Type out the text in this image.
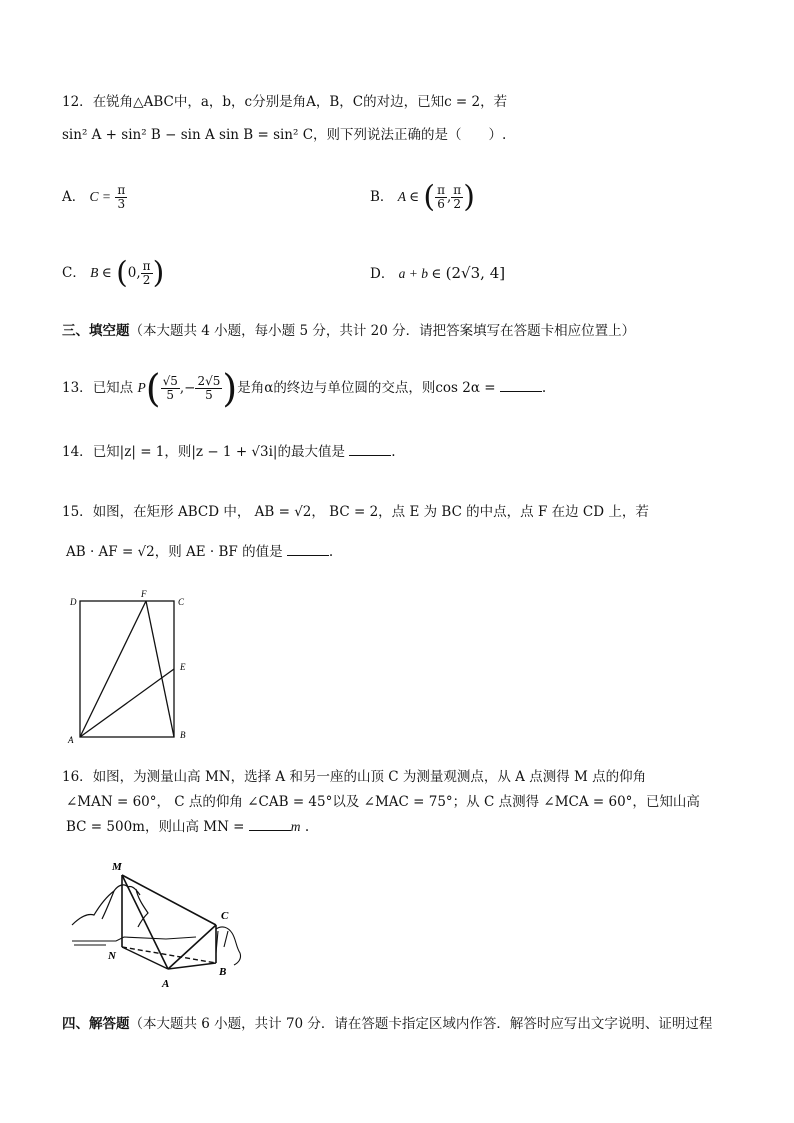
12．在锐角△ABC中，a，b，c分别是角A，B，C的对边，已知c = 2，若
sin² A + sin² B − sin A sin B = sin² C，则下列说法正确的是（　　）.
A． $C = \frac{\pi}{3}$	B． A ∈ ( $\frac{\pi}{6}$ , $\frac{\pi}{2}$ )
C． B ∈ (0, $\frac{\pi}{2}$ )	D． a + b ∈ (2√3, 4]
三、填空题（本大题共 4 小题，每小题 5 分，共计 20 分．请把答案填写在答题卡相应位置上）
13．已知点 $P( \frac{√5}{5}$ ,− $\frac{2√5}{5}$ )是角α的终边与单位圆的交点，则cos 2α =	.
14．已知|z| = 1，则|z − 1 + √3i|的最大值是	.
15．如图，在矩形 ABCD 中， AB = √2， BC = 2，点 E 为 BC 的中点，点 F 在边 CD 上，若
AB · AF = √2，则 AE · BF 的值是	.
D
F
C
E
A	B
16．如图，为测量山高 MN，选择 A 和另一座的山顶 C 为测量观测点，从 A 点测得 M 点的仰角
∠MAN = 60°， C 点的仰角 ∠CAB = 45°以及 ∠MAC = 75°；从 C 点测得 ∠MCA = 60°，已知山高
BC = 500m，则山高 MN =	m .
M
C
N
B
A
四、解答题（本大题共 6 小题，共计 70 分．请在答题卡指定区域内作答．解答时应写出文字说明、证明过程
